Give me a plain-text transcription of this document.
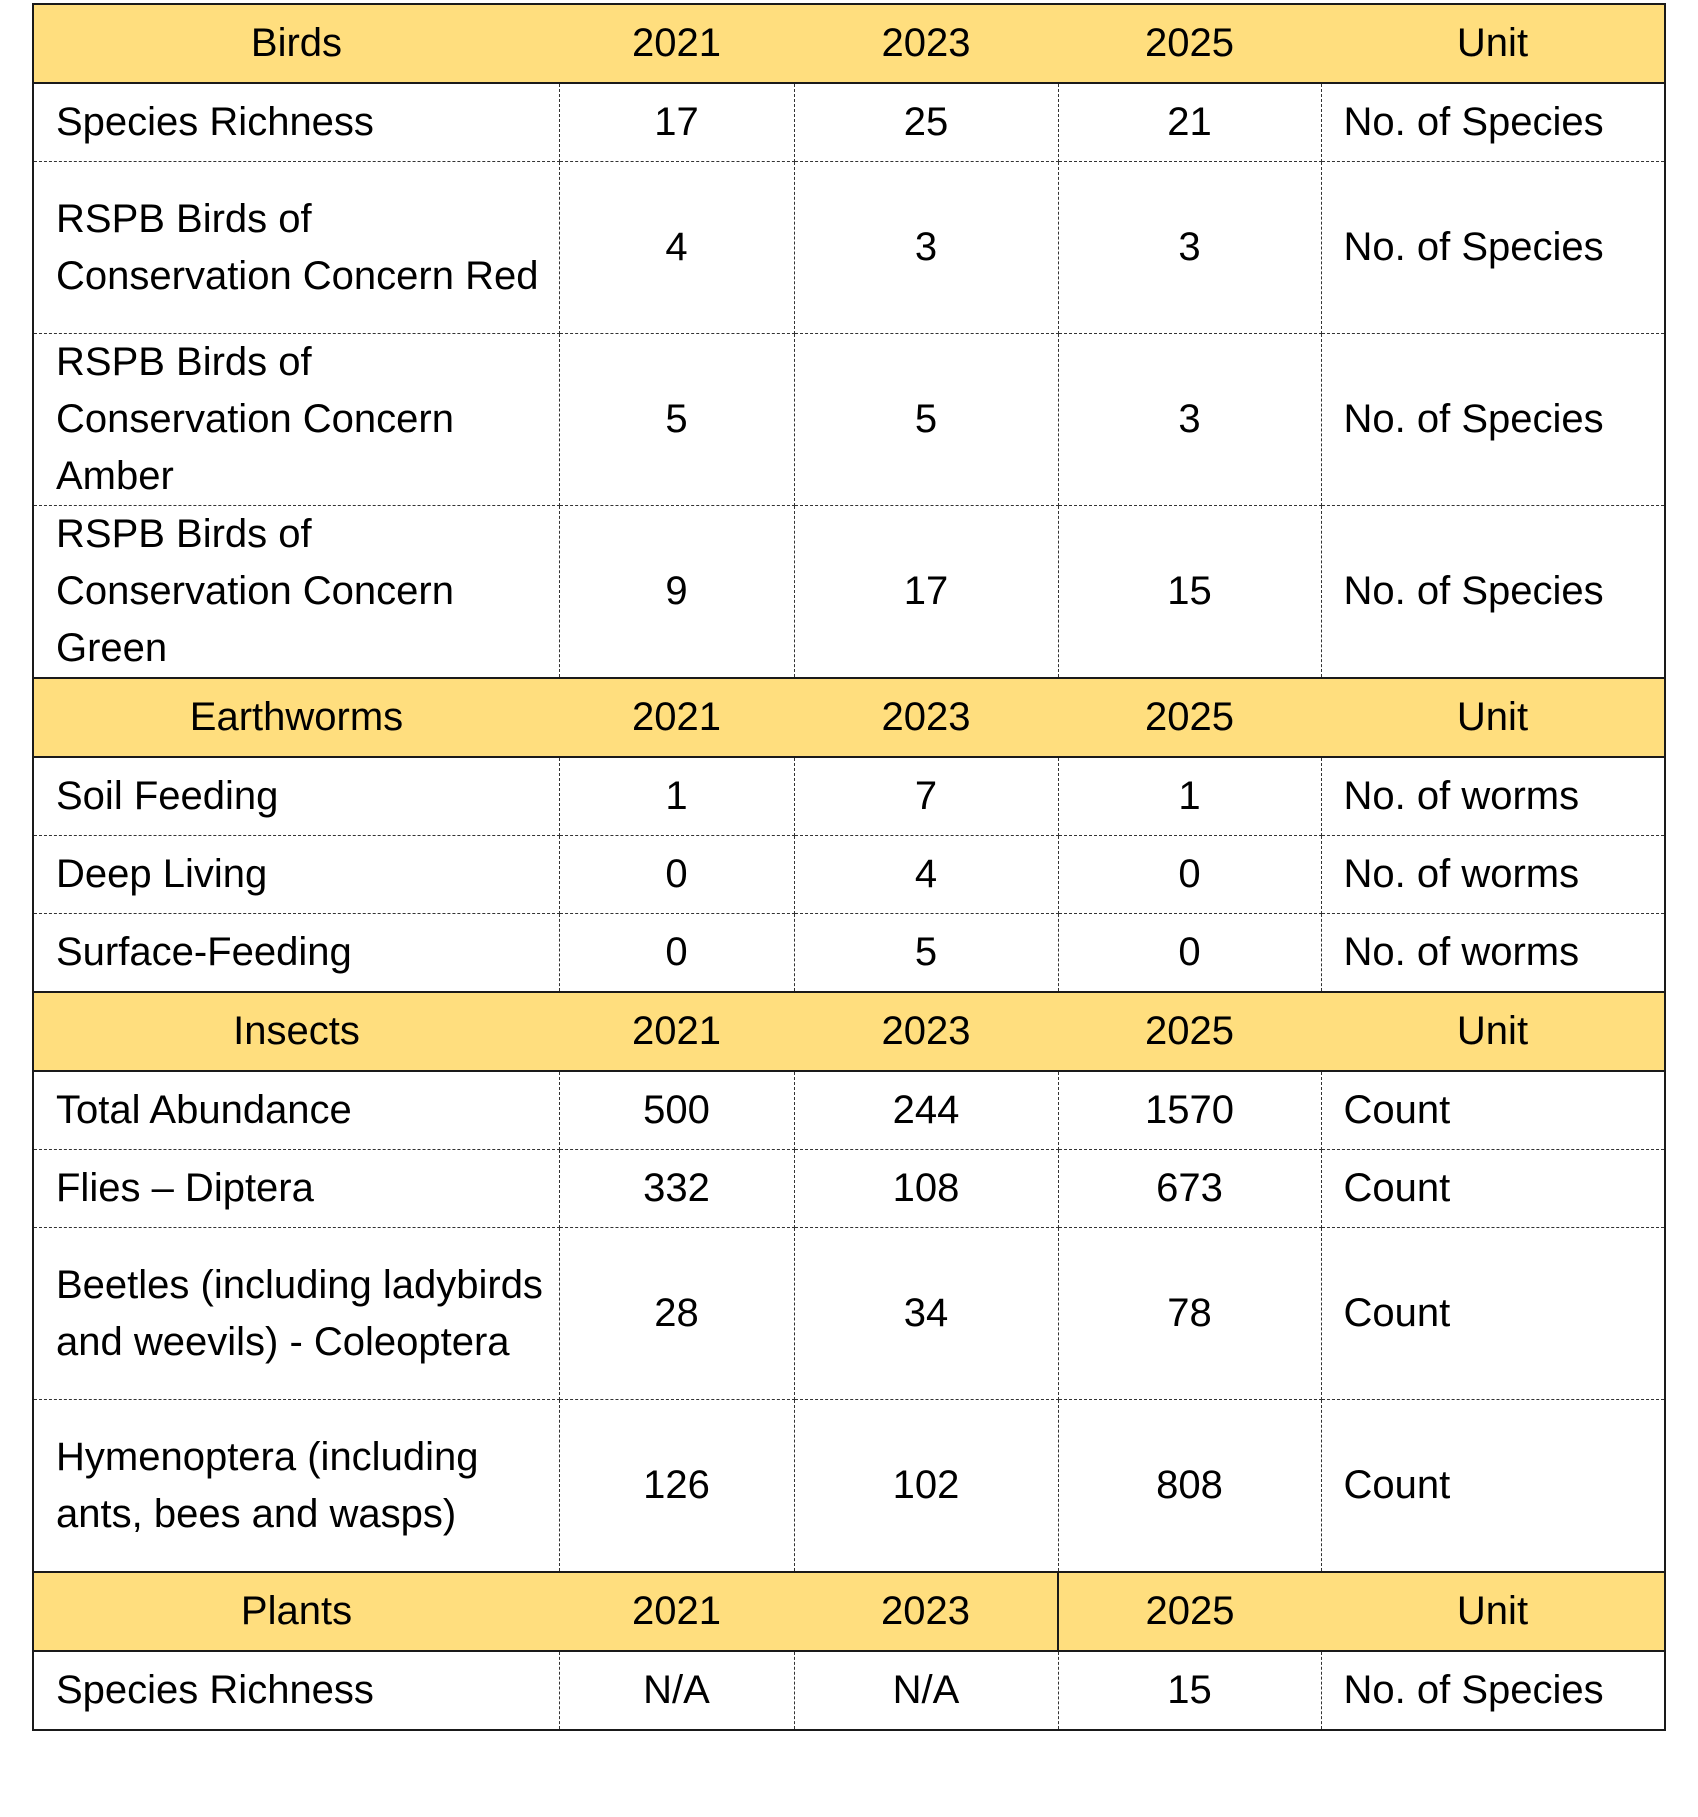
Birds	2021	2023	2025	Unit
Species Richness	17	25	21	No. of Species
RSPB Birds of Conservation Concern Red	4	3	3	No. of Species
RSPB Birds of Conservation Concern Amber	5	5	3	No. of Species
RSPB Birds of Conservation Concern Green	9	17	15	No. of Species
Earthworms	2021	2023	2025	Unit
Soil Feeding	1	7	1	No. of worms
Deep Living	0	4	0	No. of worms
Surface-Feeding	0	5	0	No. of worms
Insects	2021	2023	2025	Unit
Total Abundance	500	244	1570	Count
Flies – Diptera	332	108	673	Count
Beetles (including ladybirds and weevils) - Coleoptera	28	34	78	Count
Hymenoptera (including ants, bees and wasps)	126	102	808	Count
Plants	2021	2023	2025	Unit
Species Richness	N/A	N/A	15	No. of Species
